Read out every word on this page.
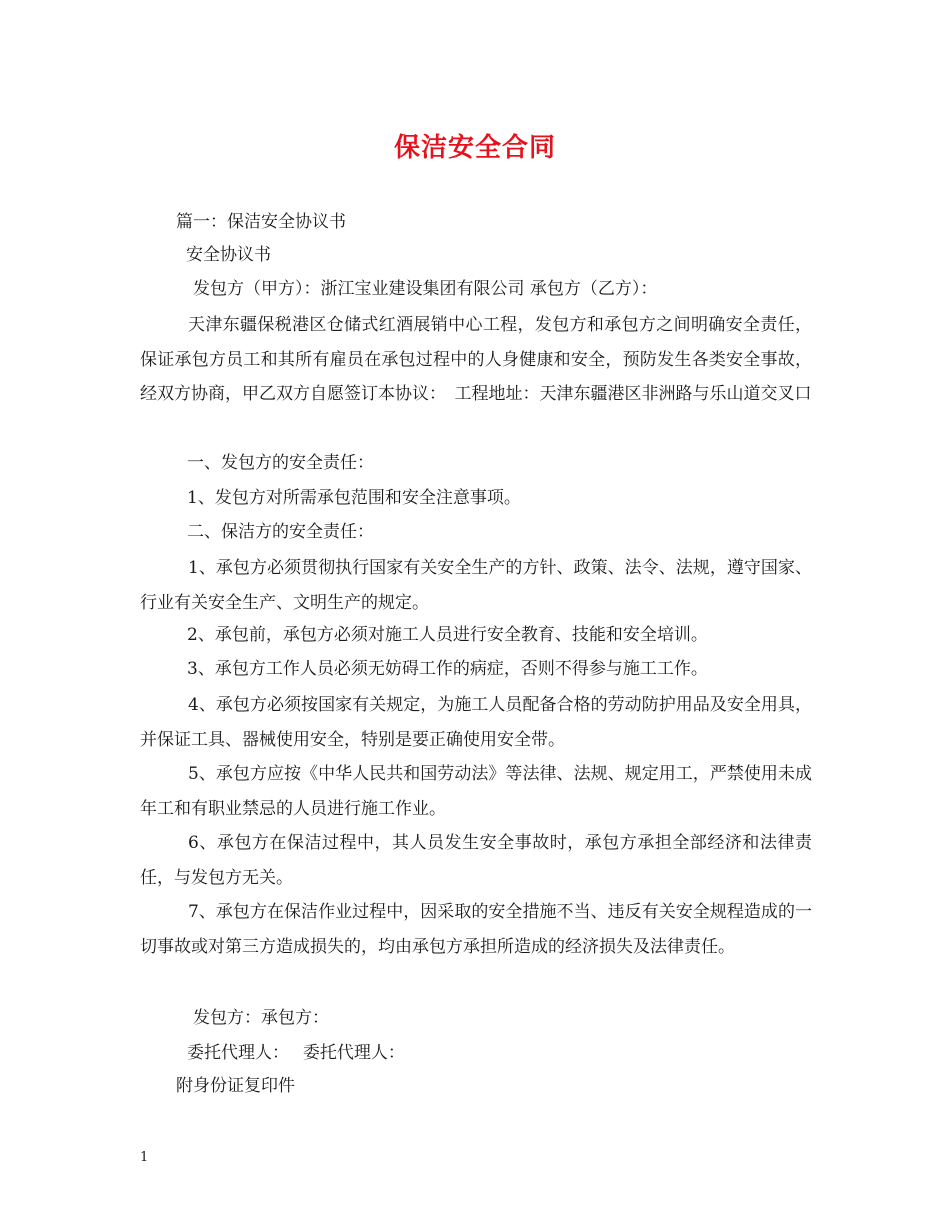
保洁安全合同
篇一：保洁安全协议书
安全协议书
发包方（甲方）：浙江宝业建设集团有限公司 承包方（乙方）：
天津东疆保税港区仓储式红酒展销中心工程，发包方和承包方之间明确安全责任，保证承包方员工和其所有雇员在承包过程中的人身健康和安全，预防发生各类安全事故，经双方协商，甲乙双方自愿签订本协议：　工程地址：天津东疆港区非洲路与乐山道交叉口
一、发包方的安全责任：
1、发包方对所需承包范围和安全注意事项。
二、保洁方的安全责任：
1、承包方必须贯彻执行国家有关安全生产的方针、政策、法令、法规，遵守国家、行业有关安全生产、文明生产的规定。
2、承包前，承包方必须对施工人员进行安全教育、技能和安全培训。
3、承包方工作人员必须无妨碍工作的病症，否则不得参与施工工作。
4、承包方必须按国家有关规定，为施工人员配备合格的劳动防护用品及安全用具，并保证工具、器械使用安全，特别是要正确使用安全带。
5、承包方应按《中华人民共和国劳动法》等法律、法规、规定用工，严禁使用未成年工和有职业禁忌的人员进行施工作业。
6、承包方在保洁过程中，其人员发生安全事故时，承包方承担全部经济和法律责任，与发包方无关。
7、承包方在保洁作业过程中，因采取的安全措施不当、违反有关安全规程造成的一切事故或对第三方造成损失的，均由承包方承担所造成的经济损失及法律责任。
发包方：承包方：
委托代理人：　 委托代理人：
附身份证复印件
1
